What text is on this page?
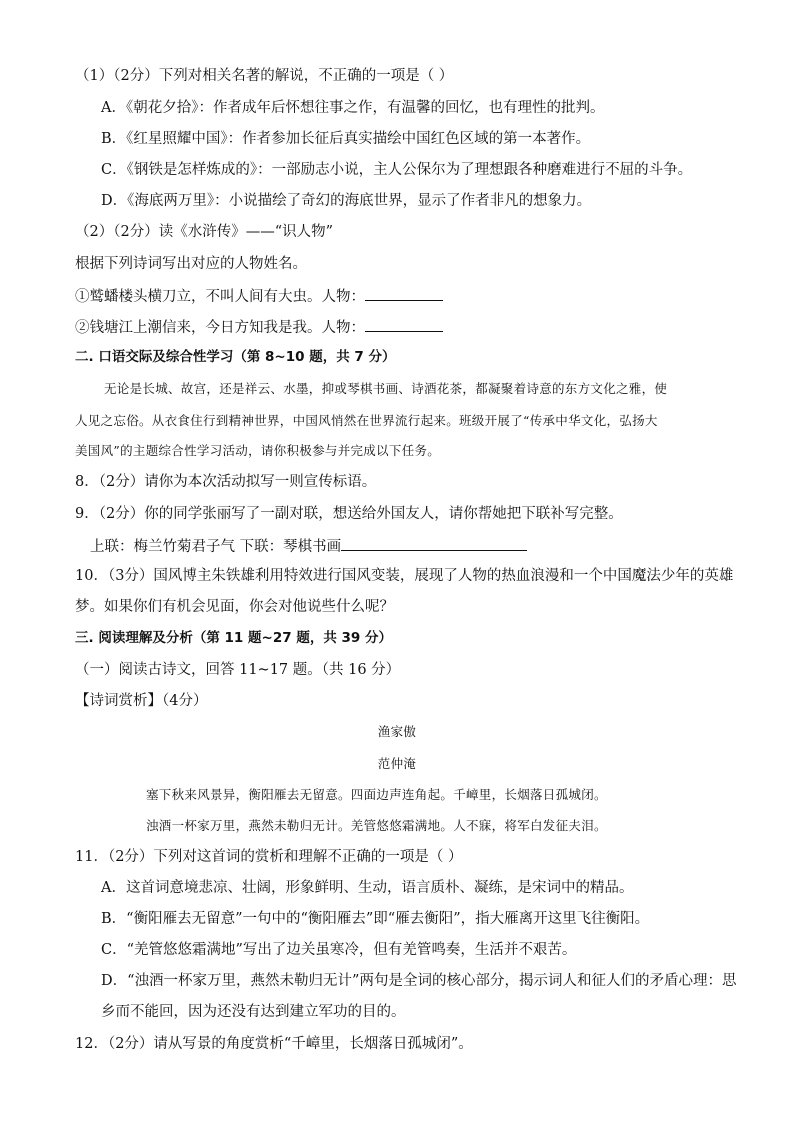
（1）（2分）下列对相关名著的解说，不正确的一项是（ ）
A．《朝花夕拾》：作者成年后怀想往事之作，有温馨的回忆，也有理性的批判。
B．《红星照耀中国》：作者参加长征后真实描绘中国红色区域的第一本著作。
C．《钢铁是怎样炼成的》：一部励志小说，主人公保尔为了理想跟各种磨难进行不屈的斗争。
D．《海底两万里》：小说描绘了奇幻的海底世界，显示了作者非凡的想象力。
（2）（2分）读《水浒传》——“识人物”
根据下列诗词写出对应的人物姓名。
①鹫蟠楼头横刀立，不叫人间有大虫。人物：
②钱塘江上潮信来，今日方知我是我。人物：
二. 口语交际及综合性学习（第 8~10 题，共 7 分）
无论是长城、故宫，还是祥云、水墨，抑或琴棋书画、诗酒花茶，都凝聚着诗意的东方文化之雅，使
人见之忘俗。从衣食住行到精神世界，中国风悄然在世界流行起来。班级开展了“传承中华文化，弘扬大
美国风”的主题综合性学习活动，请你积极参与并完成以下任务。
8．（2分）请你为本次活动拟写一则宣传标语。
9．（2分）你的同学张丽写了一副对联，想送给外国友人，请你帮她把下联补写完整。
上联：梅兰竹菊君子气 下联：琴棋书画
10．（3分）国风博主朱铁雄利用特效进行国风变装，展现了人物的热血浪漫和一个中国魔法少年的英雄
梦。如果你们有机会见面，你会对他说些什么呢？
三. 阅读理解及分析（第 11 题~27 题，共 39 分）
（一）阅读古诗文，回答 11~17 题。（共 16 分）
【诗词赏析】（4分）
渔家傲
范仲淹
塞下秋来风景异，衡阳雁去无留意。四面边声连角起。千嶂里，长烟落日孤城闭。
浊酒一杯家万里，燕然未勒归无计。羌管悠悠霜满地。人不寐，将军白发征夫泪。
11．（2分）下列对这首词的赏析和理解不正确的一项是（ ）
A．这首词意境悲凉、壮阔，形象鲜明、生动，语言质朴、凝练，是宋词中的精品。
B．“衡阳雁去无留意”一句中的“衡阳雁去”即“雁去衡阳”，指大雁离开这里飞往衡阳。
C．“羌管悠悠霜满地”写出了边关虽寒冷，但有羌管鸣奏，生活并不艰苦。
D．“浊酒一杯家万里，燕然未勒归无计”两句是全词的核心部分，揭示词人和征人们的矛盾心理：思
乡而不能回，因为还没有达到建立军功的目的。
12．（2分）请从写景的角度赏析“千嶂里，长烟落日孤城闭”。
